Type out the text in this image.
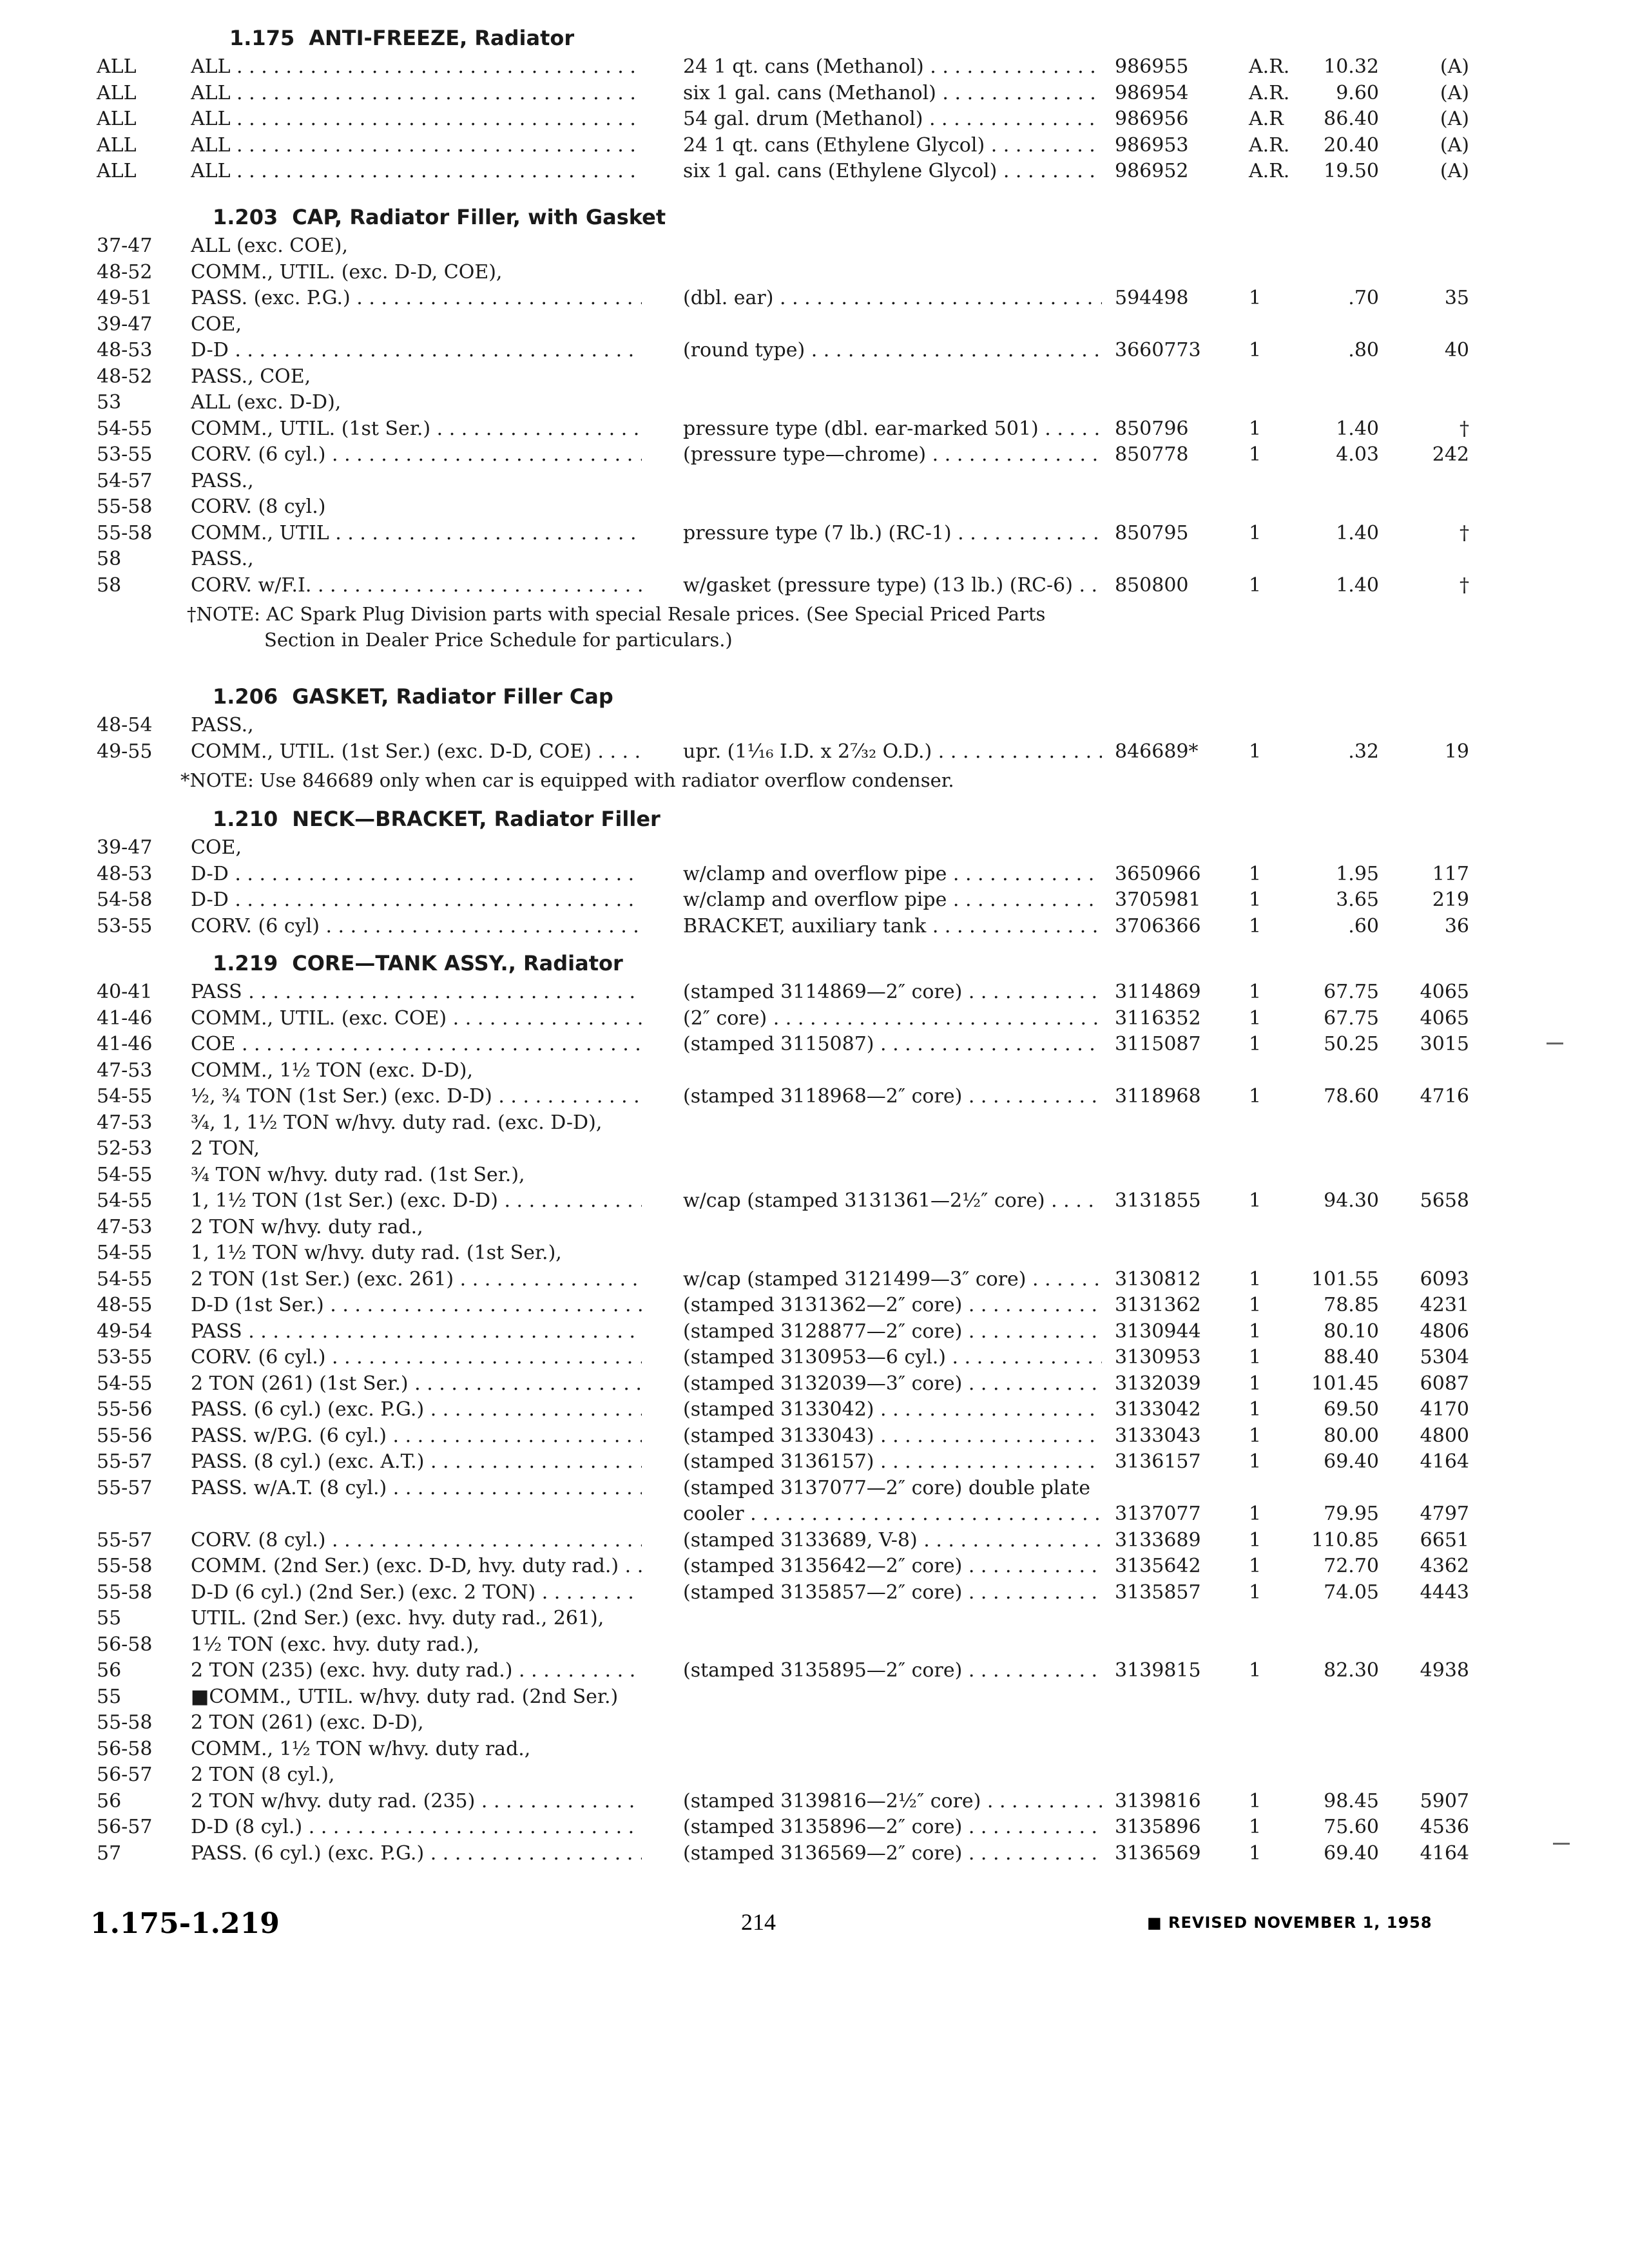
1.175 ANTI-FREEZE, Radiator
ALL	ALL . . .	24 1 qt. cans (Methanol) . . .	986955	A.R.	10.32	(A)
ALL	ALL . . .	six 1 gal. cans (Methanol) . . .	986954	A.R.	9.60	(A)
ALL	ALL . . .	54 gal. drum (Methanol) . . .	986956	A.R	86.40	(A)
ALL	ALL . . .	24 1 qt. cans (Ethylene Glycol) . . .	986953	A.R.	20.40	(A)
ALL	ALL . . .	six 1 gal. cans (Ethylene Glycol) . . .	986952	A.R.	19.50	(A)
1.203 CAP, Radiator Filler, with Gasket
37-47	ALL (exc. COE),
48-52	COMM., UTIL. (exc. D-D, COE),
49-51	PASS. (exc. P.G.) . . .	(dbl. ear) . . .	594498	1	.70	35
39-47	COE,
48-53	D-D . . .	(round type) . . .	3660773	1	.80	40
48-52	PASS., COE,
53	ALL (exc. D-D),
54-55	COMM., UTIL. (1st Ser.) . . .	pressure type (dbl. ear-marked 501) . . .	850796	1	1.40	†
53-55	CORV. (6 cyl.) . . .	(pressure type—chrome) . . .	850778	1	4.03	242
54-57	PASS.,
55-58	CORV. (8 cyl.)
55-58	COMM., UTIL . . .	pressure type (7 lb.) (RC-1) . . .	850795	1	1.40	†
58	PASS.,
58	CORV. w/F.I. . . .	w/gasket (pressure type) (13 lb.) (RC-6) . . .	850800	1	1.40	†
†NOTE: AC Spark Plug Division parts with special Resale prices. (See Special Priced Parts
Section in Dealer Price Schedule for particulars.)
1.206 GASKET, Radiator Filler Cap
48-54	PASS.,
49-55	COMM., UTIL. (1st Ser.) (exc. D-D, COE) . . .	upr. (1⅟₁₆ I.D. x 2⁷⁄₃₂ O.D.) . . .	846689*	1	.32	19
*NOTE: Use 846689 only when car is equipped with radiator overflow condenser.
1.210 NECK—BRACKET, Radiator Filler
39-47	COE,
48-53	D-D . . .	w/clamp and overflow pipe . . .	3650966	1	1.95	117
54-58	D-D . . .	w/clamp and overflow pipe . . .	3705981	1	3.65	219
53-55	CORV. (6 cyl) . . .	BRACKET, auxiliary tank . . .	3706366	1	.60	36
1.219 CORE—TANK ASSY., Radiator
40-41	PASS . . .	(stamped 3114869—2″ core) . . .	3114869	1	67.75	4065
41-46	COMM., UTIL. (exc. COE) . . .	(2″ core) . . .	3116352	1	67.75	4065
41-46	COE . . .	(stamped 3115087) . . .	3115087	1	50.25	3015
47-53	COMM., 1½ TON (exc. D-D),
54-55	½, ¾ TON (1st Ser.) (exc. D-D) . . .	(stamped 3118968—2″ core) . . .	3118968	1	78.60	4716
47-53	¾, 1, 1½ TON w/hvy. duty rad. (exc. D-D),
52-53	2 TON,
54-55	¾ TON w/hvy. duty rad. (1st Ser.),
54-55	1, 1½ TON (1st Ser.) (exc. D-D) . . .	w/cap (stamped 3131361—2½″ core) . . .	3131855	1	94.30	5658
47-53	2 TON w/hvy. duty rad.,
54-55	1, 1½ TON w/hvy. duty rad. (1st Ser.),
54-55	2 TON (1st Ser.) (exc. 261) . . .	w/cap (stamped 3121499—3″ core) . . .	3130812	1	101.55	6093
48-55	D-D (1st Ser.) . . .	(stamped 3131362—2″ core) . . .	3131362	1	78.85	4231
49-54	PASS . . .	(stamped 3128877—2″ core) . . .	3130944	1	80.10	4806
53-55	CORV. (6 cyl.) . . .	(stamped 3130953—6 cyl.) . . .	3130953	1	88.40	5304
54-55	2 TON (261) (1st Ser.) . . .	(stamped 3132039—3″ core) . . .	3132039	1	101.45	6087
55-56	PASS. (6 cyl.) (exc. P.G.) . . .	(stamped 3133042) . . .	3133042	1	69.50	4170
55-56	PASS. w/P.G. (6 cyl.) . . .	(stamped 3133043) . . .	3133043	1	80.00	4800
55-57	PASS. (8 cyl.) (exc. A.T.) . . .	(stamped 3136157) . . .	3136157	1	69.40	4164
55-57	PASS. w/A.T. (8 cyl.) . . .	(stamped 3137077—2″ core) double plate
cooler . . .	3137077	1	79.95	4797
55-57	CORV. (8 cyl.) . . .	(stamped 3133689, V-8) . . .	3133689	1	110.85	6651
55-58	COMM. (2nd Ser.) (exc. D-D, hvy. duty rad.) . . .	(stamped 3135642—2″ core) . . .	3135642	1	72.70	4362
55-58	D-D (6 cyl.) (2nd Ser.) (exc. 2 TON) . . .	(stamped 3135857—2″ core) . . .	3135857	1	74.05	4443
55	UTIL. (2nd Ser.) (exc. hvy. duty rad., 261),
56-58	1½ TON (exc. hvy. duty rad.),
56	2 TON (235) (exc. hvy. duty rad.) . . .	(stamped 3135895—2″ core) . . .	3139815	1	82.30	4938
55	■COMM., UTIL. w/hvy. duty rad. (2nd Ser.)
55-58	2 TON (261) (exc. D-D),
56-58	COMM., 1½ TON w/hvy. duty rad.,
56-57	2 TON (8 cyl.),
56	2 TON w/hvy. duty rad. (235) . . .	(stamped 3139816—2½″ core) . . .	3139816	1	98.45	5907
56-57	D-D (8 cyl.) . . .	(stamped 3135896—2″ core) . . .	3135896	1	75.60	4536
57	PASS. (6 cyl.) (exc. P.G.) . . .	(stamped 3136569—2″ core) . . .	3136569	1	69.40	4164
1.175-1.219	214	■ REVISED NOVEMBER 1, 1958
